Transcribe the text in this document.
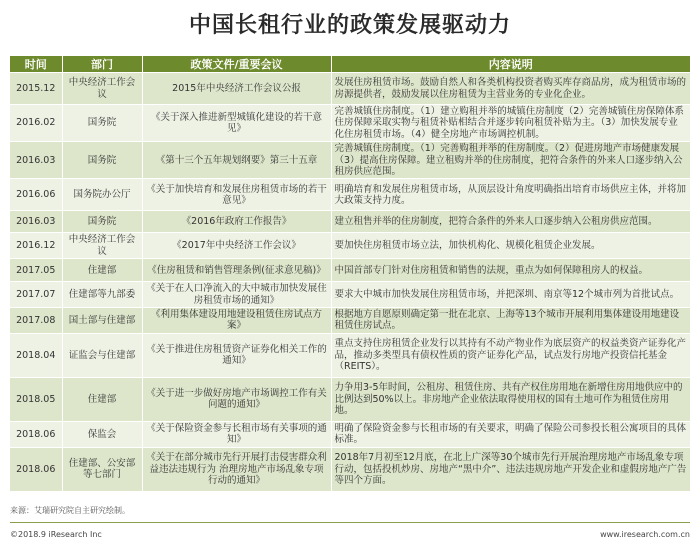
中国长租行业的政策发展驱动力
时间	部门	政策文件/重要会议	内容说明
2015.12	中央经济工作会议	2015年中央经济工作会议公报	发展住房租赁市场。鼓励自然人和各类机构投资者购买库存商品房，成为租赁市场的房源提供者，鼓励发展以住房租赁为主营业务的专业化企业。
2016.02	国务院	《关于深入推进新型城镇化建设的若干意见》	完善城镇住房制度。（1）建立购租并举的城镇住房制度（2）完善城镇住房保障体系住房保障采取实物与租赁补贴相结合并逐步转向租赁补贴为主。（3）加快发展专业化住房租赁市场。（4）健全房地产市场调控机制。
2016.03	国务院	《第十三个五年规划纲要》第三十五章	完善城镇住房制度。（1）完善购租并举的住房制度。（2）促进房地产市场健康发展（3）提高住房保障。建立租购并举的住房制度，把符合条件的外来人口逐步纳入公租房供应范围。
2016.06	国务院办公厅	《关于加快培育和发展住房租赁市场的若干意见》	明确培育和发展住房租赁市场，从顶层设计角度明确指出培育市场供应主体，并将加大政策支持力度。
2016.03	国务院	《2016年政府工作报告》	建立租售并举的住房制度，把符合条件的外来人口逐步纳入公租房供应范围。
2016.12	中央经济工作会议	《2017年中央经济工作会议》	要加快住房租赁市场立法，加快机构化、规模化租赁企业发展。
2017.05	住建部	《住房租赁和销售管理条例(征求意见稿)》	中国首部专门针对住房租赁和销售的法规，重点为如何保障租房人的权益。
2017.07	住建部等九部委	《关于在人口净流入的大中城市加快发展住房租赁市场的通知》	要求大中城市加快发展住房租赁市场，并把深圳、南京等12个城市列为首批试点。
2017.08	国土部与住建部	《利用集体建设用地建设租赁住房试点方案》	根据地方自愿原则确定第一批在北京、上海等13个城市开展利用集体建设用地建设租赁住房试点。
2018.04	证监会与住建部	《关于推进住房租赁资产证券化相关工作的通知》	重点支持住房租赁企业发行以其持有不动产物业作为底层资产的权益类资产证券化产品，推动多类型具有债权性质的资产证券化产品，试点发行房地产投资信托基金（REITS）。
2018.05	住建部	《关于进一步做好房地产市场调控工作有关问题的通知》	力争用3-5年时间，公租房、租赁住房、共有产权住房用地在新增住房用地供应中的比例达到50%以上。非房地产企业依法取得使用权的国有土地可作为租赁住房用地。
2018.06	保监会	《关于保险资金参与长租市场有关事项的通知》	明确了保险资金参与长租市场的有关要求，明确了保险公司参投长租公寓项目的具体标准。
2018.06	住建部、公安部等七部门	《关于在部分城市先行开展打击侵害群众利益违法违规行为 治理房地产市场乱象专项行动的通知》	2018年7月初至12月底，在北上广深等30个城市先行开展治理房地产市场乱象专项行动，包括投机炒房、房地产“黑中介”、违法违规房地产开发企业和虚假房地产广告等四个方面。
来源：艾瑞研究院自主研究绘制。
©2018.9 iResearch Inc	www.iresearch.com.cn
